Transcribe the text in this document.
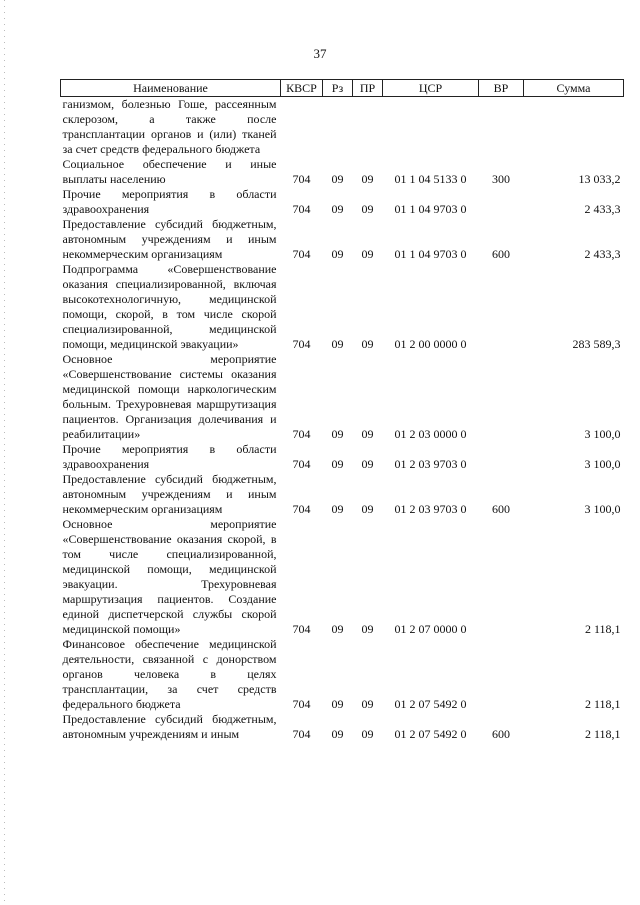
37
Наименование	КВСР	Рз	ПР	ЦСР	ВР	Сумма
ганизмом, болезнью Гоше, рассеянным склерозом, а также после трансплантации органов и (или) тканей за счет средств федерального бюджета						
Социальное обеспечение и иные выплаты населению	704	09	09	01 1 04 5133 0	300	13 033,2
Прочие мероприятия в области здравоохранения	704	09	09	01 1 04 9703 0		2 433,3
Предоставление субсидий бюджетным, автономным учреждениям и иным некоммерческим организациям	704	09	09	01 1 04 9703 0	600	2 433,3
Подпрограмма «Совершенствование оказания специализированной, включая высокотехнологичную, медицинской помощи, скорой, в том числе скорой специализированной, медицинской помощи, медицинской эвакуации»	704	09	09	01 2 00 0000 0		283 589,3
Основное мероприятие «Совершенствование системы оказания медицинской помощи наркологическим больным. Трехуровневая маршрутизация пациентов. Организация долечивания и реабилитации»	704	09	09	01 2 03 0000 0		3 100,0
Прочие мероприятия в области здравоохранения	704	09	09	01 2 03 9703 0		3 100,0
Предоставление субсидий бюджетным, автономным учреждениям и иным некоммерческим организациям	704	09	09	01 2 03 9703 0	600	3 100,0
Основное мероприятие «Совершенствование оказания скорой, в том числе специализированной, медицинской помощи, медицинской эвакуации. Трехуровневая маршрутизация пациентов. Создание единой диспетчерской службы скорой медицинской помощи»	704	09	09	01 2 07 0000 0		2 118,1
Финансовое обеспечение медицинской деятельности, связанной с донорством органов человека в целях трансплантации, за счет средств федерального бюджета	704	09	09	01 2 07 5492 0		2 118,1
Предоставление субсидий бюджетным, автономным учреждениям и иным	704	09	09	01 2 07 5492 0	600	2 118,1
